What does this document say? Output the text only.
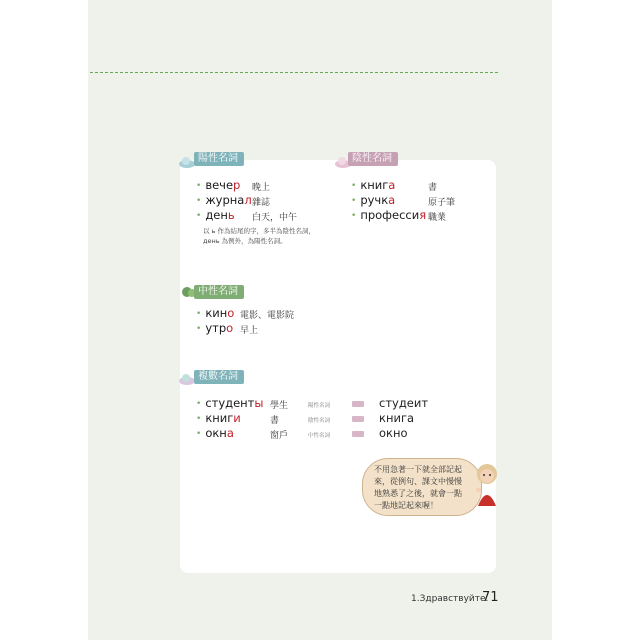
陽性名詞
• вечер 晚上
• журнал 雜誌
• день 白天，中午
以 ь 作為結尾的字，多半為陰性名詞，
день 為例外，為陽性名詞。
陰性名詞
• книга	書
• ручка	原子筆
• профессия 職業
中性名詞
• кино 電影、電影院
• утро 早上
複數名詞
• студенты 學生	陽性名詞	студеит
• книги	書	陰性名詞	книга
• окна	窗戶	中性名詞	окно
不用急著一下就全部記起
來，從例句、課文中慢慢
地熟悉了之後，就會一點
一點地記起來喔！
1.Здравствуйте.
71
